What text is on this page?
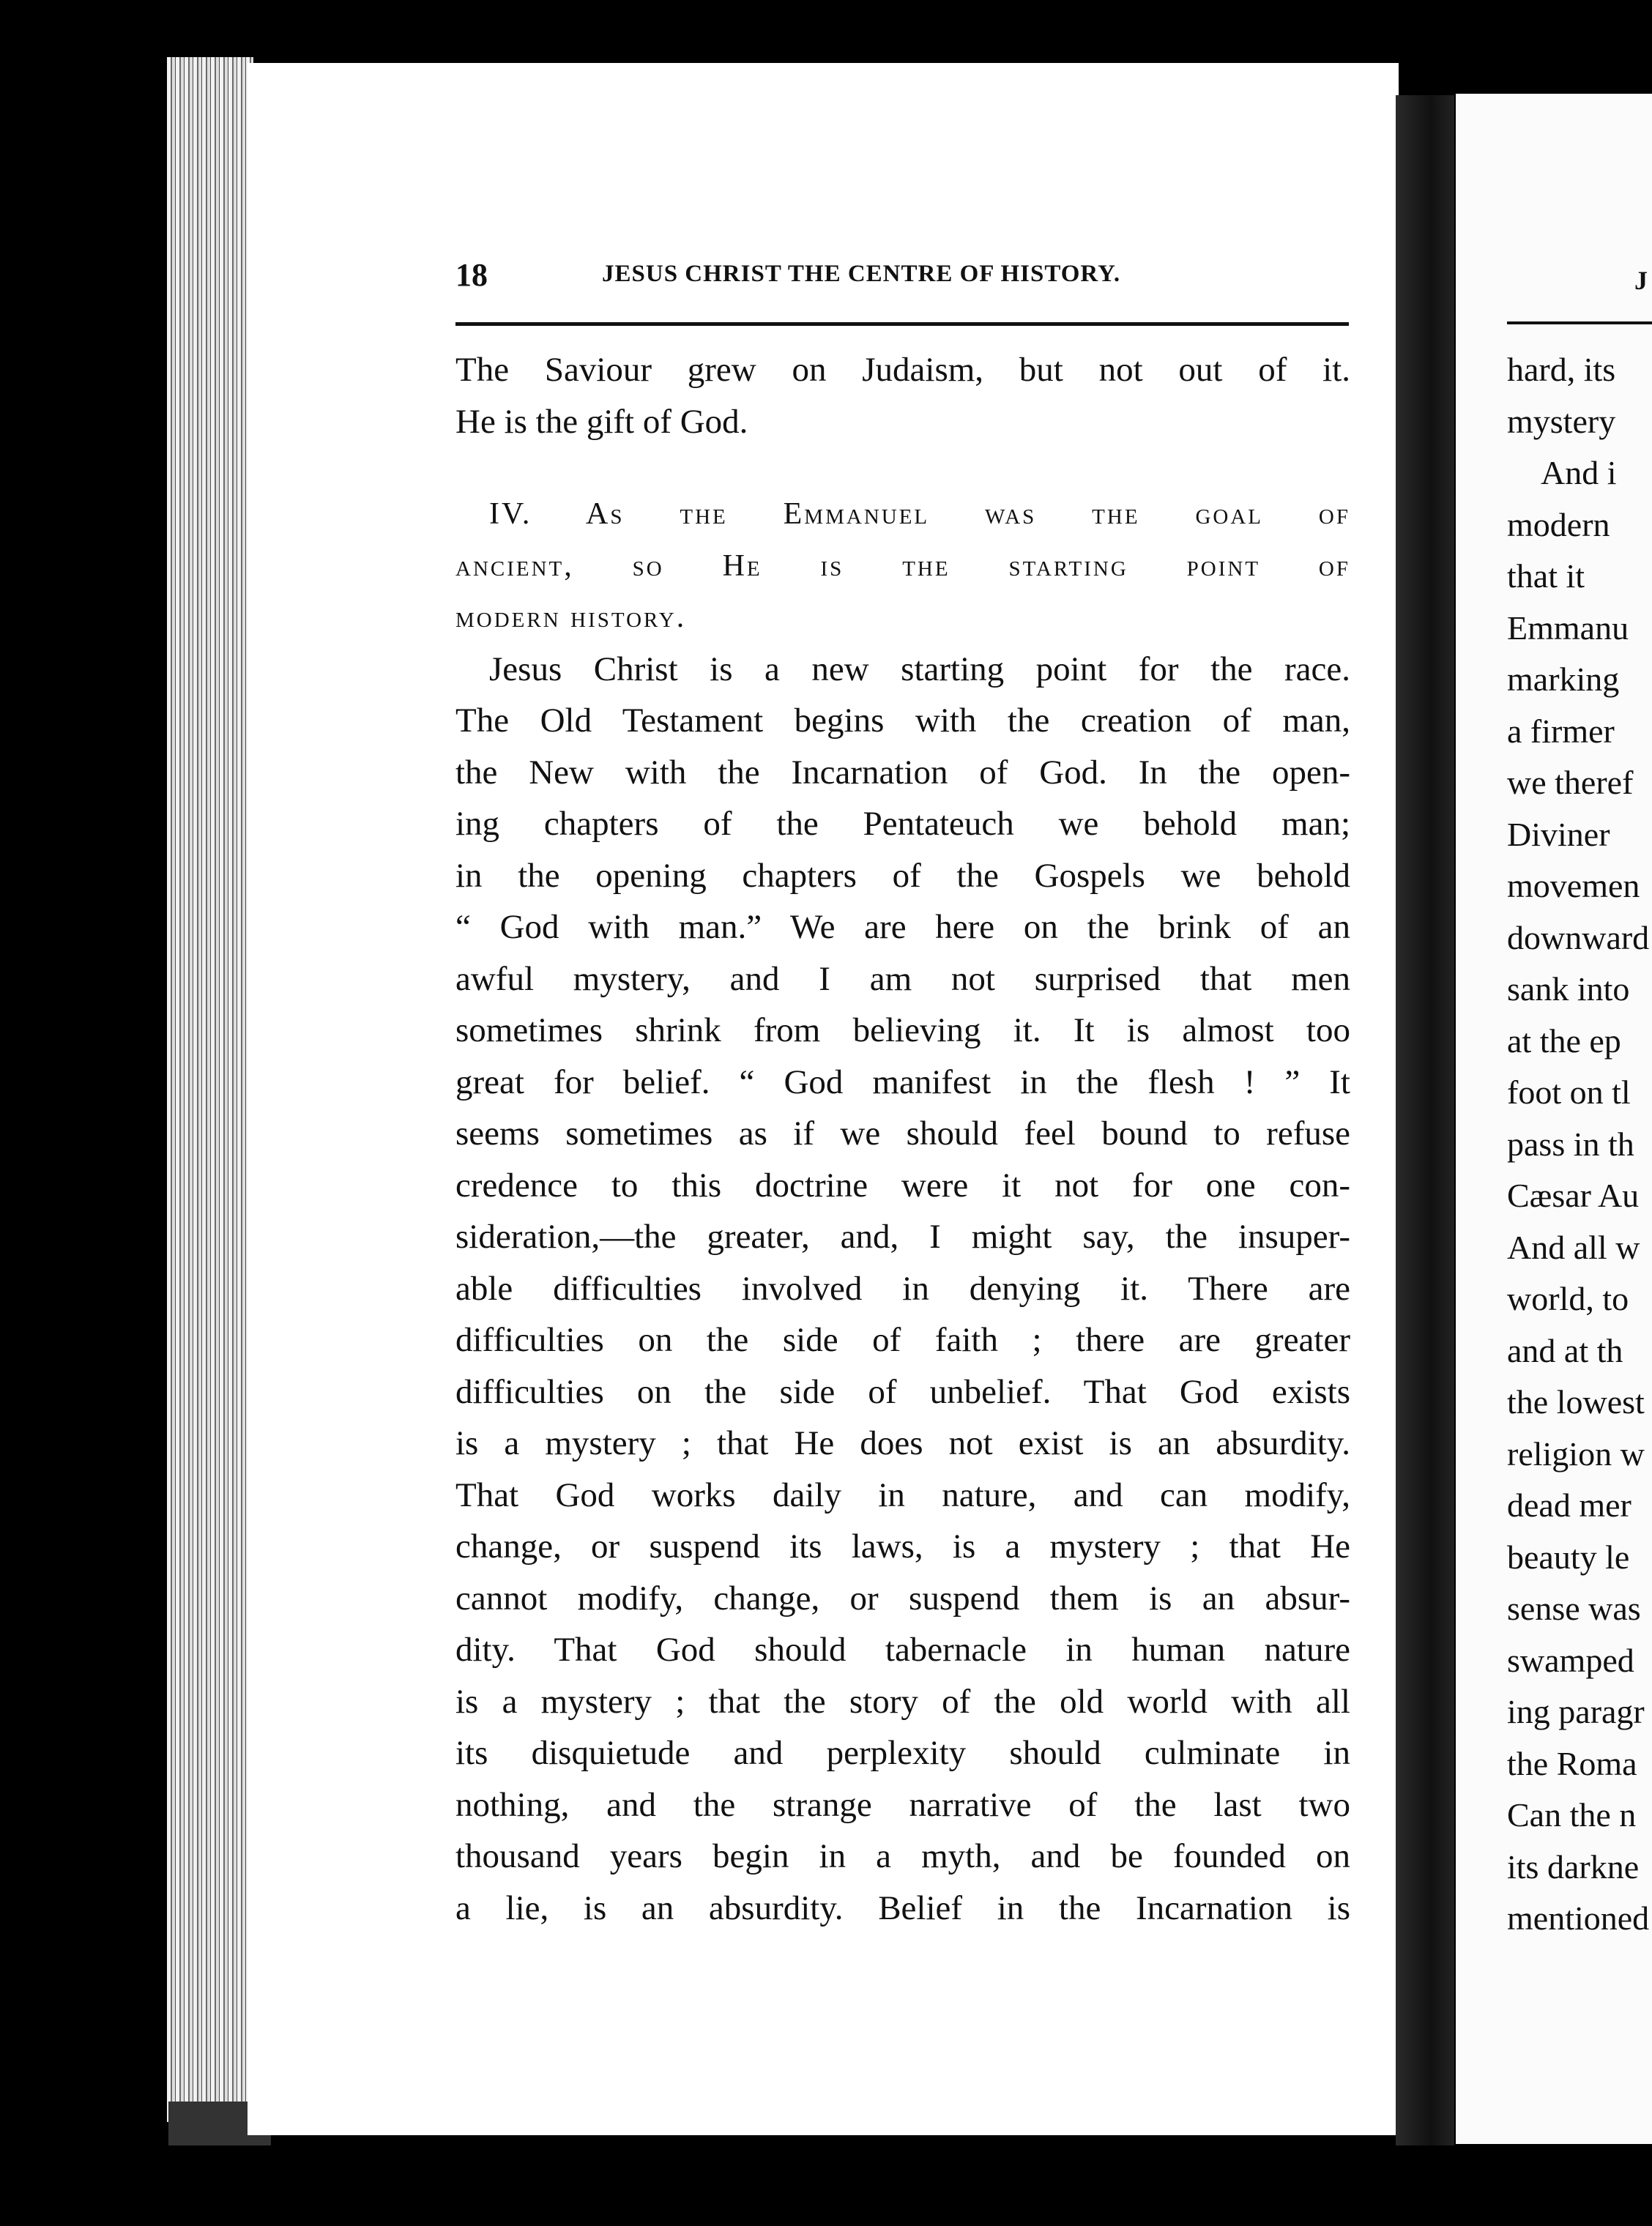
hard, its
mystery
And i
modern
that it
Emmanu
marking
a firmer
we theref
Diviner
movemen
downward
sank into
at the ep
foot on tl
pass in th
Cæsar Au
And all w
world, to
and at th
the lowest
religion w
dead mer
beauty le
sense was
swamped
ing paragr
the Roma
Can the n
its darkne
mentioned
J
18	JESUS CHRIST THE CENTRE OF HISTORY.
The Saviour grew on Judaism, but not out of it.
He is the gift of God.
IV. As the Emmanuel was the goal of
ancient, so He is the starting point of
modern history.
Jesus Christ is a new starting point for the race.
The Old Testament begins with the creation of man,
the New with the Incarnation of God. In the open-
ing chapters of the Pentateuch we behold man;
in the opening chapters of the Gospels we behold
“ God with man.” We are here on the brink of an
awful mystery, and I am not surprised that men
sometimes shrink from believing it. It is almost too
great for belief. “ God manifest in the flesh ! ” It
seems sometimes as if we should feel bound to refuse
credence to this doctrine were it not for one con-
sideration,—the greater, and, I might say, the insuper-
able difficulties involved in denying it. There are
difficulties on the side of faith ; there are greater
difficulties on the side of unbelief. That God exists
is a mystery ; that He does not exist is an absurdity.
That God works daily in nature, and can modify,
change, or suspend its laws, is a mystery ; that He
cannot modify, change, or suspend them is an absur-
dity. That God should tabernacle in human nature
is a mystery ; that the story of the old world with all
its disquietude and perplexity should culminate in
nothing, and the strange narrative of the last two
thousand years begin in a myth, and be founded on
a lie, is an absurdity. Belief in the Incarnation is
